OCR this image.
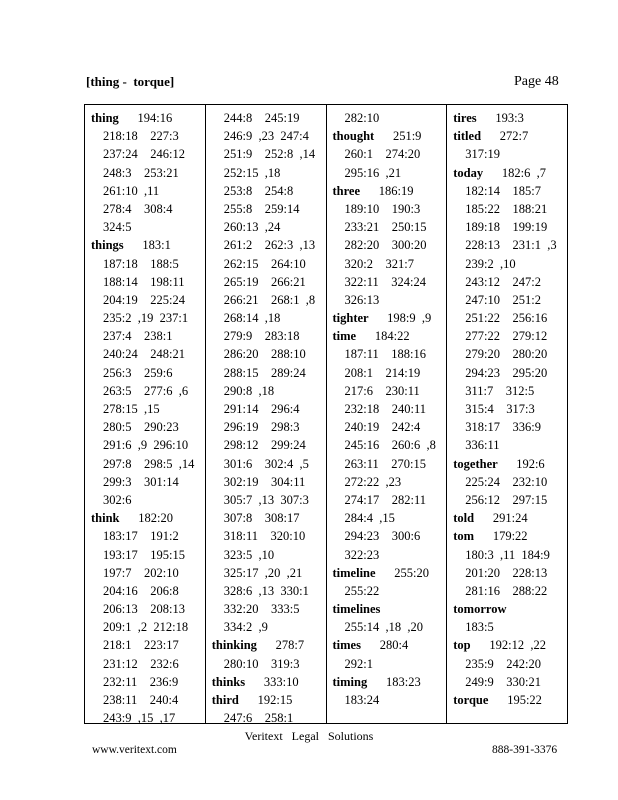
[thing -  torque]	Page 48
thing 194:16
218:18    227:3
237:24    246:12
248:3    253:21
261:10  ,11
278:4    308:4
324:5
things 183:1
187:18    188:5
188:14    198:11
204:19    225:24
235:2  ,19  237:1
237:4    238:1
240:24    248:21
256:3    259:6
263:5    277:6  ,6
278:15  ,15
280:5    290:23
291:6  ,9  296:10
297:8    298:5  ,14
299:3    301:14
302:6
think 182:20
183:17    191:2
193:17    195:15
197:7    202:10
204:16    206:8
206:13    208:13
209:1  ,2  212:18
218:1    223:17
231:12    232:6
232:11    236:9
238:11    240:4
243:9  ,15  ,17
244:8    245:19
246:9  ,23  247:4
251:9    252:8  ,14
252:15  ,18
253:8    254:8
255:8    259:14
260:13  ,24
261:2    262:3  ,13
262:15    264:10
265:19    266:21
266:21    268:1  ,8
268:14  ,18
279:9    283:18
286:20    288:10
288:15    289:24
290:8  ,18
291:14    296:4
296:19    298:3
298:12    299:24
301:6    302:4  ,5
302:19    304:11
305:7  ,13  307:3
307:8    308:17
318:11    320:10
323:5  ,10
325:17  ,20  ,21
328:6  ,13  330:1
332:20    333:5
334:2  ,9
thinking 278:7
280:10    319:3
thinks 333:10
third 192:15
247:6    258:1
282:10
thought 251:9
260:1    274:20
295:16  ,21
three 186:19
189:10    190:3
233:21    250:15
282:20    300:20
320:2    321:7
322:11    324:24
326:13
tighter 198:9  ,9
time 184:22
187:11    188:16
208:1    214:19
217:6    230:11
232:18    240:11
240:19    242:4
245:16    260:6  ,8
263:11    270:15
272:22  ,23
274:17    282:11
284:4  ,15
294:23    300:6
322:23
timeline 255:20
255:22
timelines
255:14  ,18  ,20
times 280:4
292:1
timing 183:23
183:24
tires 193:3
titled 272:7
317:19
today 182:6  ,7
182:14    185:7
185:22    188:21
189:18    199:19
228:13    231:1  ,3
239:2  ,10
243:12    247:2
247:10    251:2
251:22    256:16
277:22    279:12
279:20    280:20
294:23    295:20
311:7    312:5
315:4    317:3
318:17    336:9
336:11
together 192:6
225:24    232:10
256:12    297:15
told 291:24
tom 179:22
180:3  ,11  184:9
201:20    228:13
281:16    288:22
tomorrow
183:5
top 192:12  ,22
235:9    242:20
249:9    330:21
torque 195:22
Veritext Legal Solutions
www.veritext.com	888-391-3376
